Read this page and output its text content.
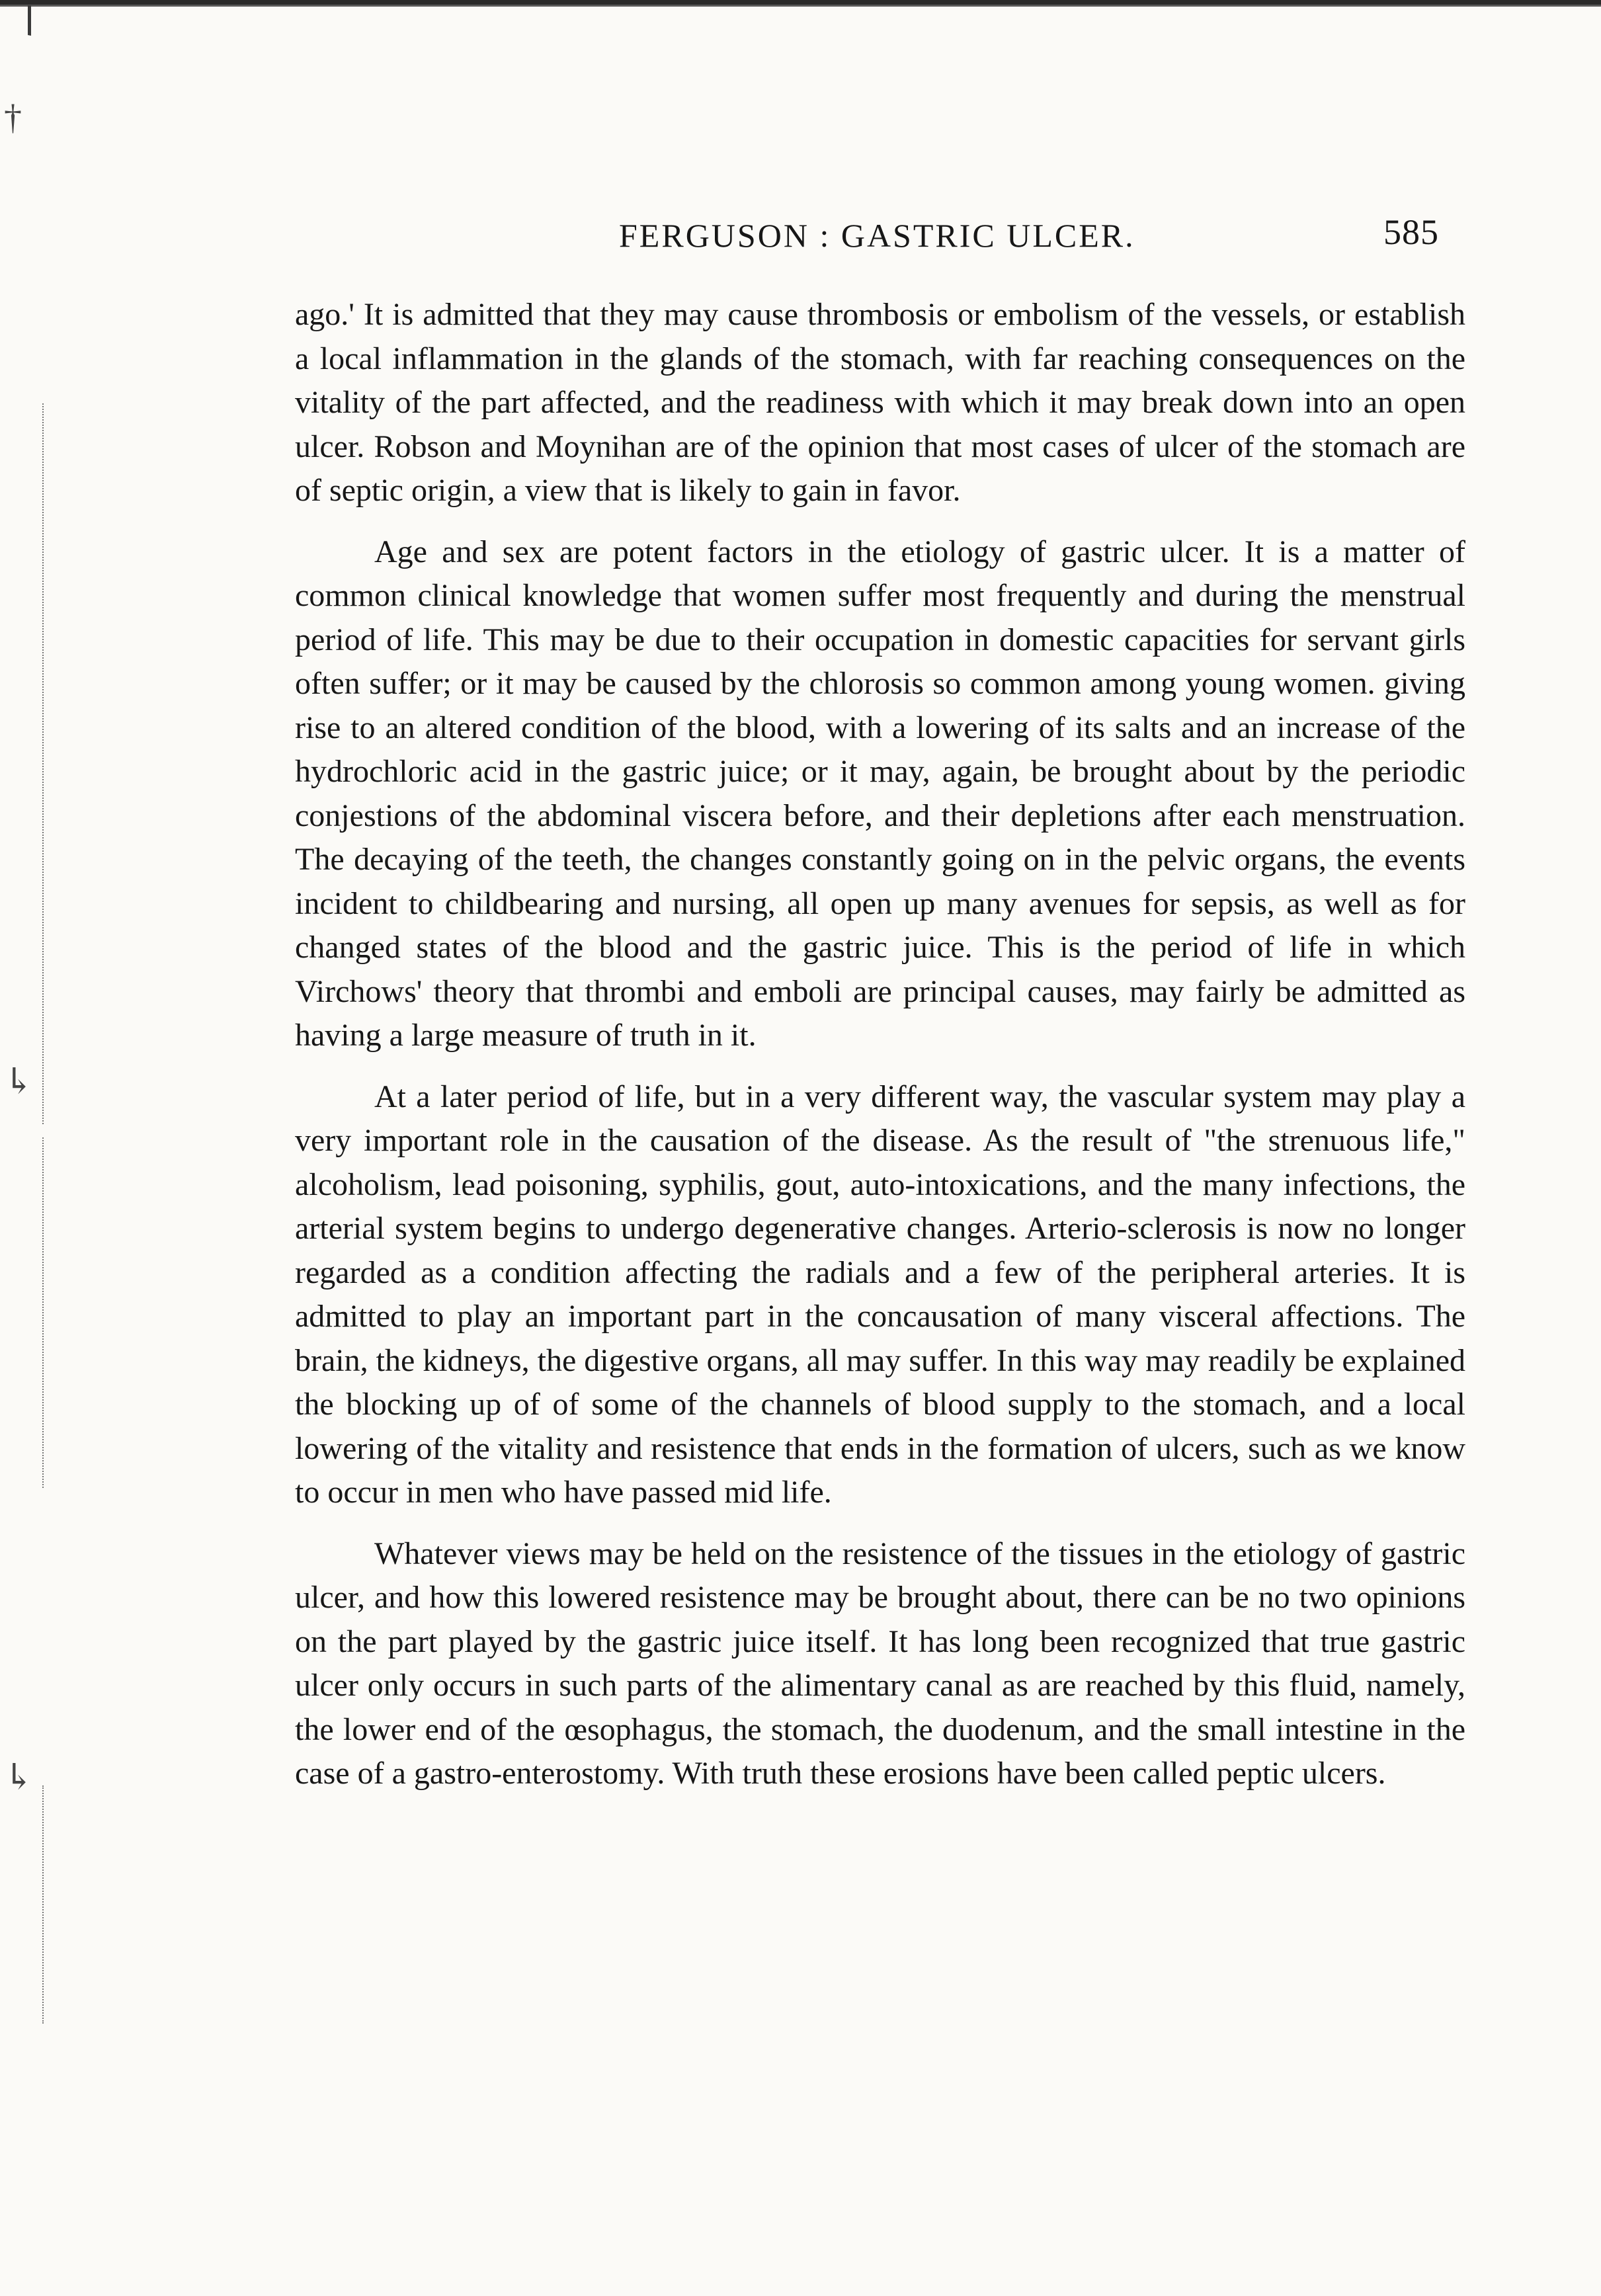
†
↳
↳
FERGUSON : GASTRIC ULCER.	585

ago.' It is admitted that they may cause thrombosis or embolism of the vessels, or establish a local inflammation in the glands of the stomach, with far reaching consequences on the vitality of the part affected, and the readiness with which it may break down into an open ulcer. Robson and Moynihan are of the opinion that most cases of ulcer of the stomach are of septic origin, a view that is likely to gain in favor.

Age and sex are potent factors in the etiology of gastric ulcer. It is a matter of common clinical knowledge that women suffer most frequently and during the menstrual period of life. This may be due to their occupation in domestic capacities for servant girls often suffer; or it may be caused by the chlorosis so common among young women. giving rise to an altered condition of the blood, with a lowering of its salts and an increase of the hydrochloric acid in the gastric juice; or it may, again, be brought about by the periodic conjestions of the abdominal viscera before, and their depletions after each menstruation. The decaying of the teeth, the changes constantly going on in the pelvic organs, the events incident to childbearing and nursing, all open up many avenues for sepsis, as well as for changed states of the blood and the gastric juice. This is the period of life in which Virchows' theory that thrombi and emboli are principal causes, may fairly be admitted as having a large measure of truth in it.

At a later period of life, but in a very different way, the vascular system may play a very important role in the causation of the disease. As the result of "the strenuous life," alcoholism, lead poisoning, syphilis, gout, auto-intoxications, and the many infections, the arterial system begins to undergo degenerative changes. Arterio-sclerosis is now no longer regarded as a condition affecting the radials and a few of the peripheral arteries. It is admitted to play an important part in the concausation of many visceral affections. The brain, the kidneys, the digestive organs, all may suffer. In this way may readily be explained the blocking up of of some of the channels of blood supply to the stomach, and a local lowering of the vitality and resistence that ends in the formation of ulcers, such as we know to occur in men who have passed mid life.

Whatever views may be held on the resistence of the tissues in the etiology of gastric ulcer, and how this lowered resistence may be brought about, there can be no two opinions on the part played by the gastric juice itself. It has long been recognized that true gastric ulcer only occurs in such parts of the alimentary canal as are reached by this fluid, namely, the lower end of the œsophagus, the stomach, the duodenum, and the small intestine in the case of a gastro-enterostomy. With truth these erosions have been called peptic ulcers.
